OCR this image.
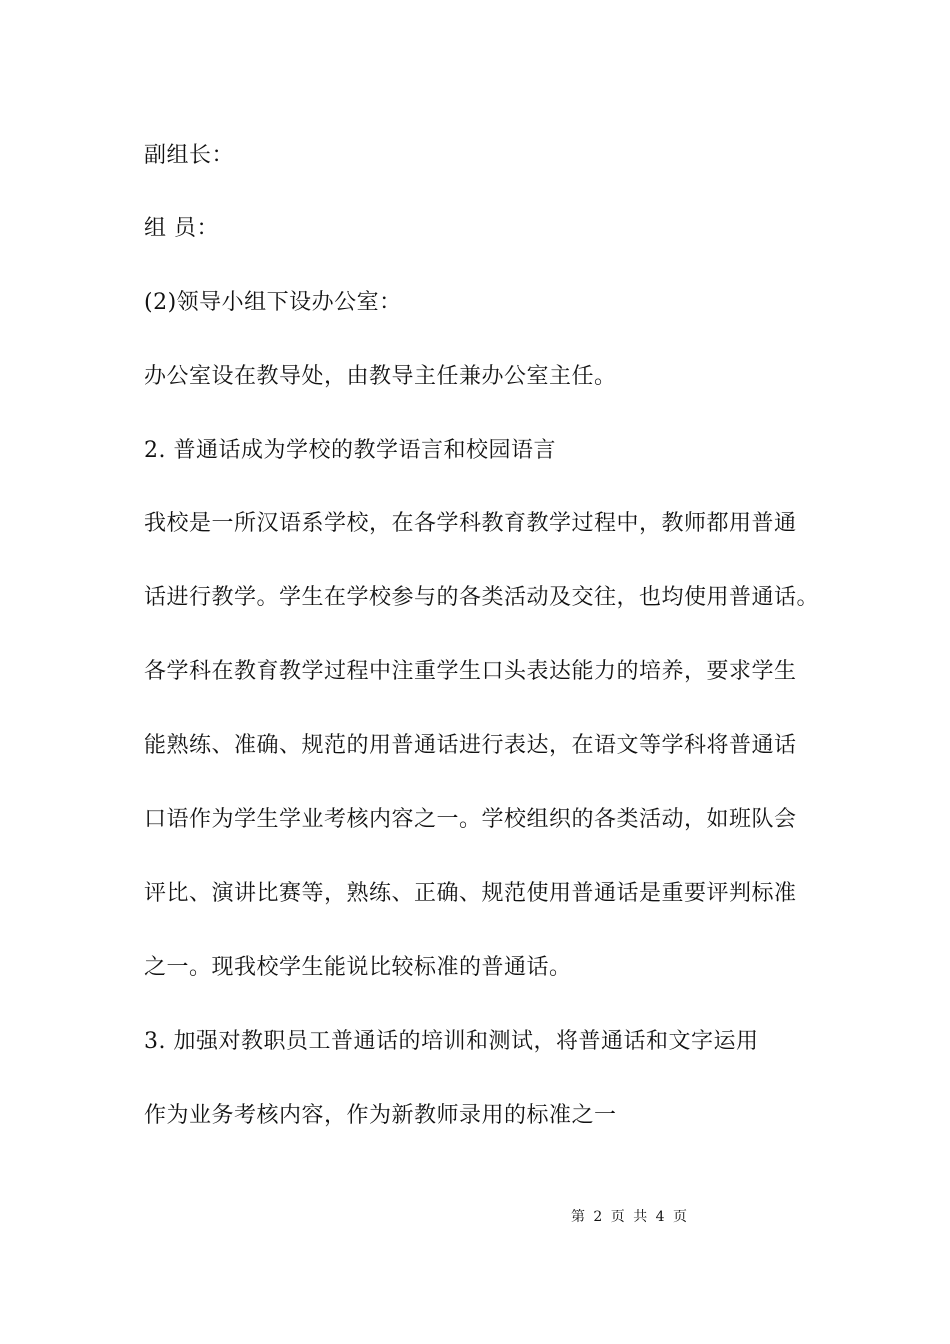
副组长：
组 员：
(2)领导小组下设办公室：
办公室设在教导处，由教导主任兼办公室主任。
2. 普通话成为学校的教学语言和校园语言
我校是一所汉语系学校，在各学科教育教学过程中，教师都用普通
话进行教学。学生在学校参与的各类活动及交往，也均使用普通话。
各学科在教育教学过程中注重学生口头表达能力的培养，要求学生
能熟练、准确、规范的用普通话进行表达，在语文等学科将普通话
口语作为学生学业考核内容之一。学校组织的各类活动，如班队会
评比、演讲比赛等，熟练、正确、规范使用普通话是重要评判标准
之一。现我校学生能说比较标准的普通话。
3. 加强对教职员工普通话的培训和测试，将普通话和文字运用
作为业务考核内容，作为新教师录用的标准之一
第 2 页 共 4 页
